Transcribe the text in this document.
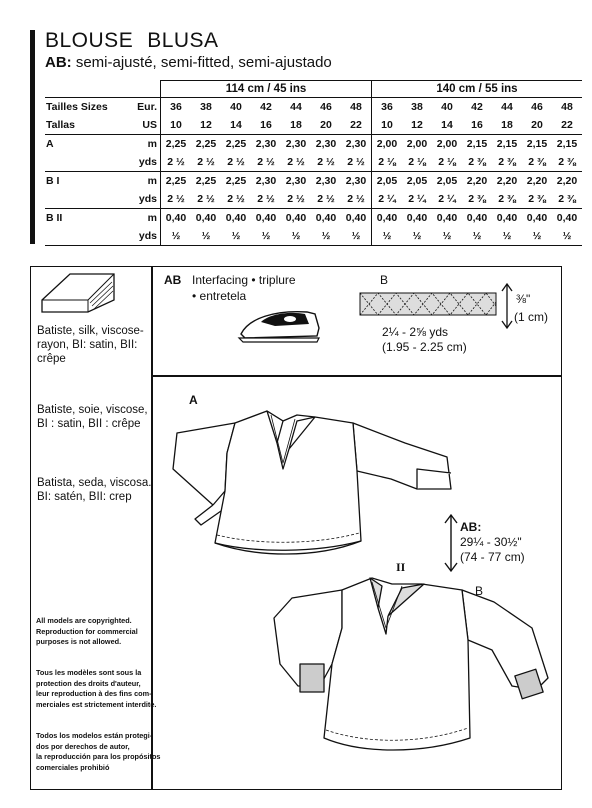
BLOUSE BLUSA
AB: semi-ajusté, semi-fitted, semi-ajustado
		114 cm / 45 ins							140 cm / 55 ins						
Tailles Sizes	Eur.	36	38	40	42	44	46	48	36	38	40	42	44	46	48
Tallas	US	10	12	14	16	18	20	22	10	12	14	16	18	20	22
A	m	2,25	2,25	2,25	2,30	2,30	2,30	2,30	2,00	2,00	2,00	2,15	2,15	2,15	2,15
	yds	2 ½	2 ½	2 ½	2 ½	2 ½	2 ½	2 ½	2 ⅛	2 ⅛	2 ⅛	2 ⅜	2 ⅜	2 ⅜	2 ⅜
B I	m	2,25	2,25	2,25	2,30	2,30	2,30	2,30	2,05	2,05	2,05	2,20	2,20	2,20	2,20
	yds	2 ½	2 ½	2 ½	2 ½	2 ½	2 ½	2 ½	2 ¼	2 ¼	2 ¼	2 ⅜	2 ⅜	2 ⅜	2 ⅜
B II	m	0,40	0,40	0,40	0,40	0,40	0,40	0,40	0,40	0,40	0,40	0,40	0,40	0,40	0,40
	yds	½	½	½	½	½	½	½	½	½	½	½	½	½	½
Batiste, silk, viscose-
rayon, BI: satin, BII:
crêpe
Batiste, soie, viscose,
BI : satin, BII : crêpe
Batista, seda, viscosa.
BI: satén, BII: crep
All models are copyrighted.
Reproduction for commercial
purposes is not allowed.
Tous les modèles sont sous la
protection des droits d'auteur,
leur reproduction à des fins com-
merciales est strictement interdite.
Todos los modelos están protegi-
dos por derechos de autor,
la reproducción para los propósitos
comerciales prohibió
AB Interfacing • triplure
• entretela
B
⅜"
(1 cm)
2¼ - 2⅝ yds
(1.95 - 2.25 cm)
A
B
II
AB:
29¼ - 30½"
(74 - 77 cm)
